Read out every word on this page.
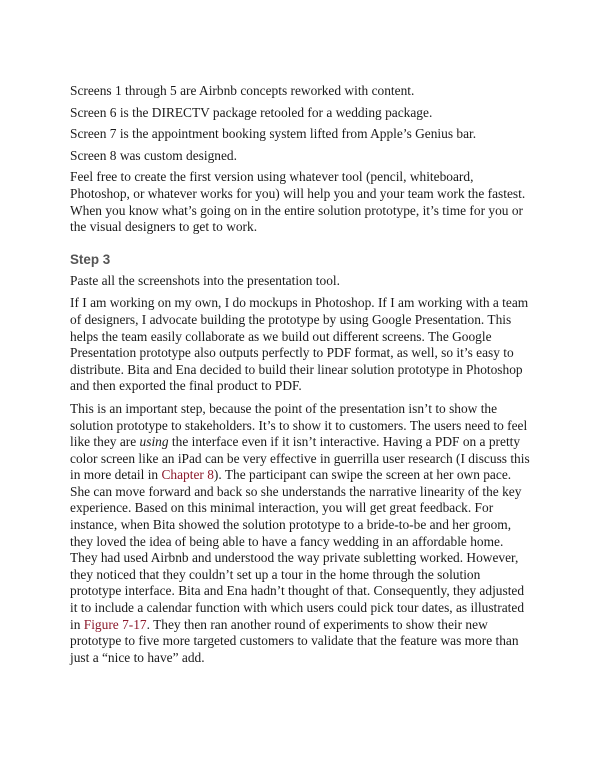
Screens 1 through 5 are Airbnb concepts reworked with content.

Screen 6 is the DIRECTV package retooled for a wedding package.

Screen 7 is the appointment booking system lifted from Apple’s Genius bar.

Screen 8 was custom designed.

Feel free to create the first version using whatever tool (pencil, whiteboard, Photoshop, or whatever works for you) will help you and your team work the fastest. When you know what’s going on in the entire solution prototype, it’s time for you or the visual designers to get to work.

Step 3

Paste all the screenshots into the presentation tool.

If I am working on my own, I do mockups in Photoshop. If I am working with a team of designers, I advocate building the prototype by using Google Presentation. This helps the team easily collaborate as we build out different screens. The Google Presentation prototype also outputs perfectly to PDF format, as well, so it’s easy to distribute. Bita and Ena decided to build their linear solution prototype in Photoshop and then exported the final product to PDF.

This is an important step, because the point of the presentation isn’t to show the solution prototype to stakeholders. It’s to show it to customers. The users need to feel like they are using the interface even if it isn’t interactive. Having a PDF on a pretty color screen like an iPad can be very effective in guerrilla user research (I discuss this in more detail in Chapter 8). The participant can swipe the screen at her own pace. She can move forward and back so she understands the narrative linearity of the key experience. Based on this minimal interaction, you will get great feedback. For instance, when Bita showed the solution prototype to a bride-to-be and her groom, they loved the idea of being able to have a fancy wedding in an affordable home. They had used Airbnb and understood the way private subletting worked. However, they noticed that they couldn’t set up a tour in the home through the solution prototype interface. Bita and Ena hadn’t thought of that. Consequently, they adjusted it to include a calendar function with which users could pick tour dates, as illustrated in Figure 7-17. They then ran another round of experiments to show their new prototype to five more targeted customers to validate that the feature was more than just a “nice to have” add.
